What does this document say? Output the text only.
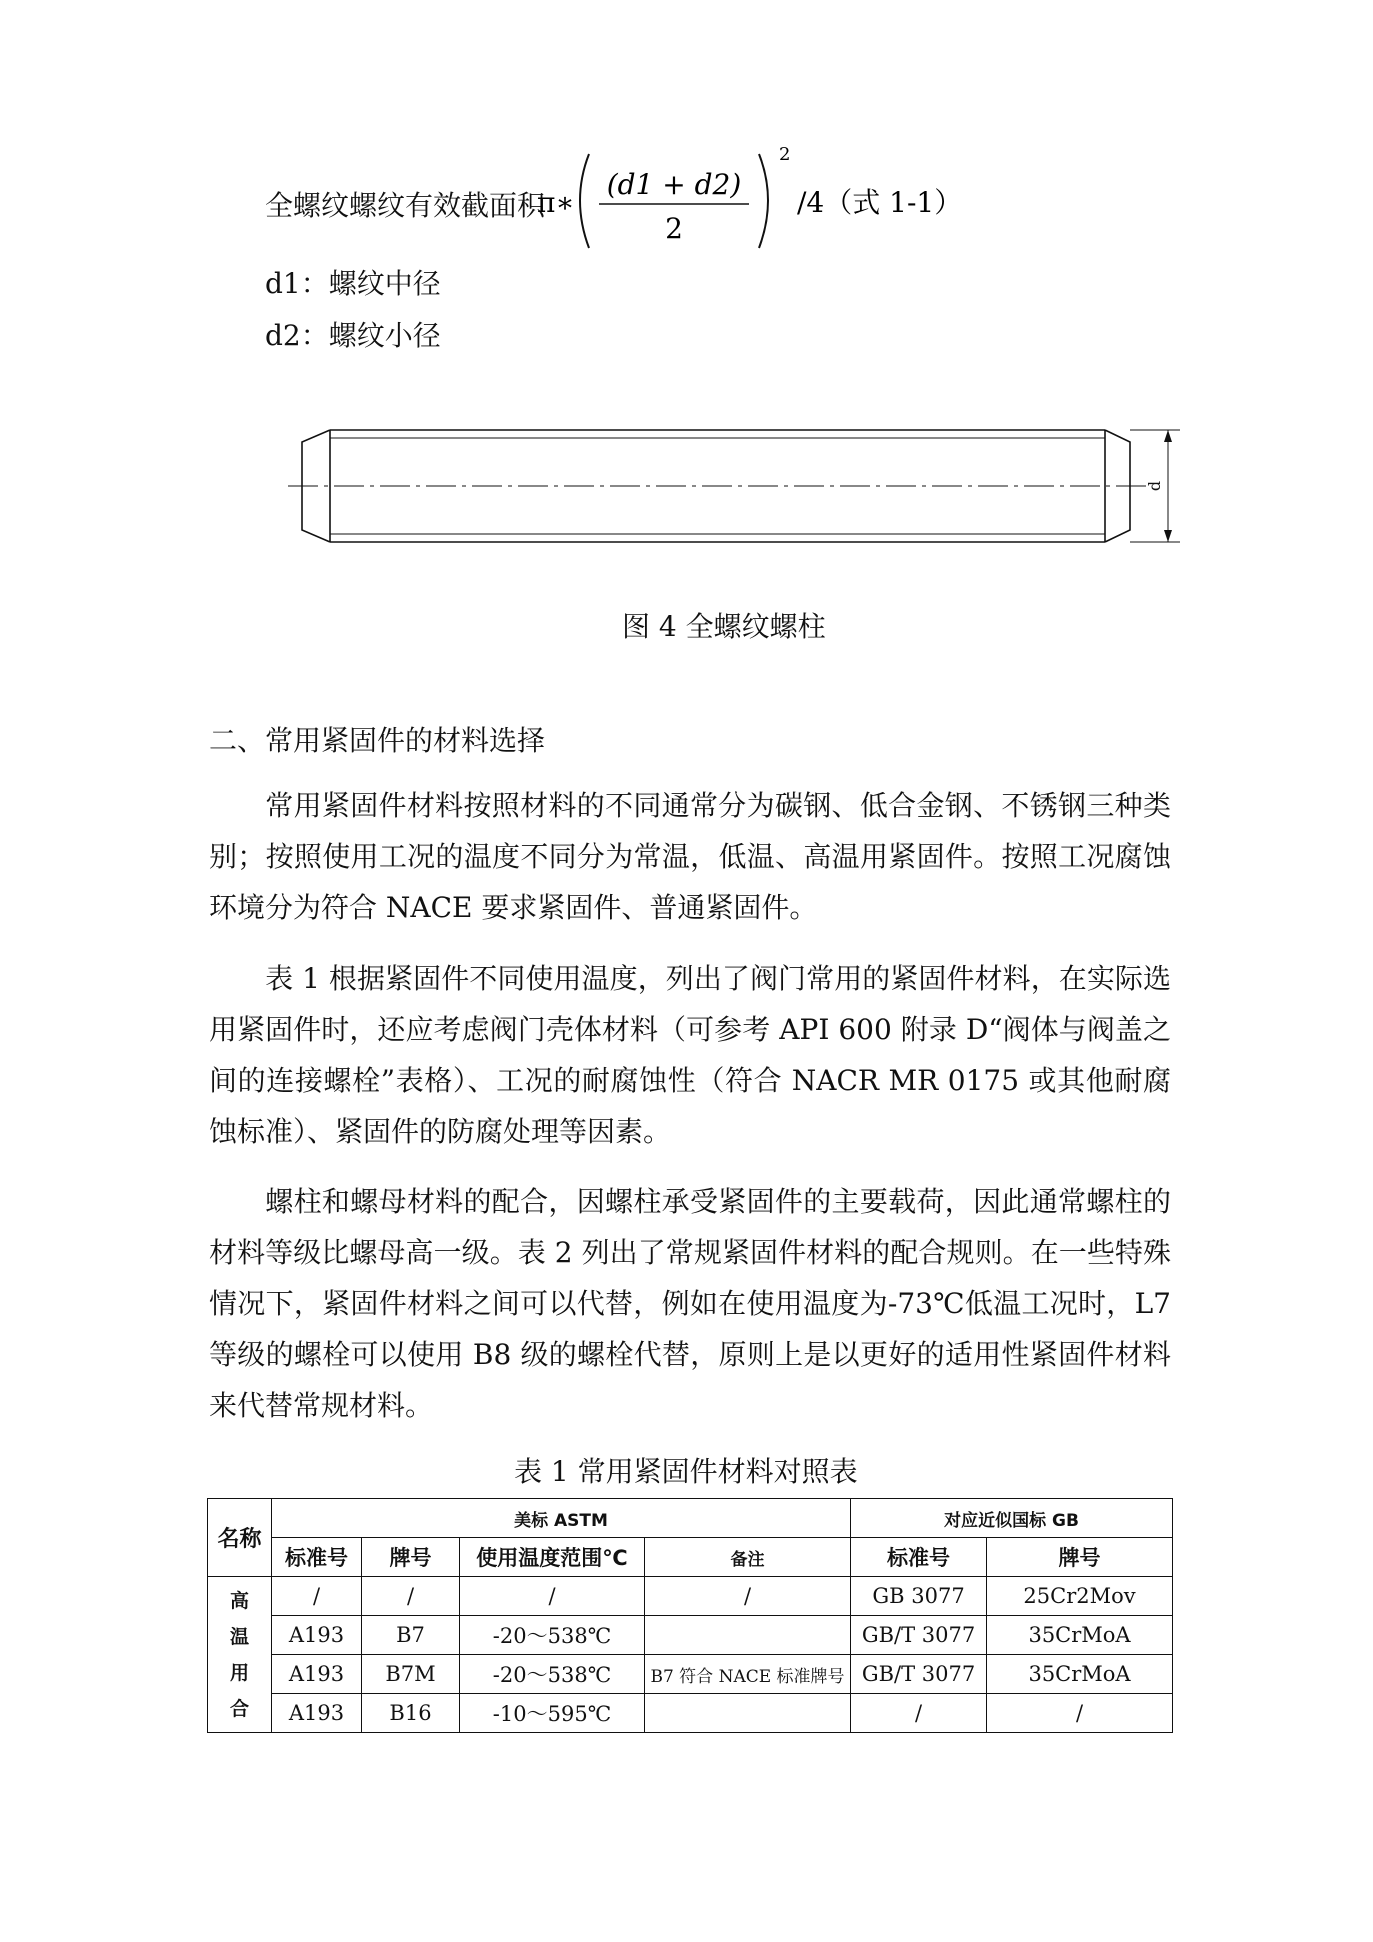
全螺纹螺纹有效截面积
π∗
(d1 + d2)
2
2
/4（式 1-1）
d1：螺纹中径
d2：螺纹小径
d
图 4 全螺纹螺柱
二、常用紧固件的材料选择
常用紧固件材料按照材料的不同通常分为碳钢、低合金钢、不锈钢三种类别；按照使用工况的温度不同分为常温，低温、高温用紧固件。按照工况腐蚀环境分为符合 NACE 要求紧固件、普通紧固件。
表 1 根据紧固件不同使用温度，列出了阀门常用的紧固件材料，在实际选用紧固件时，还应考虑阀门壳体材料（可参考 API 600 附录 D“阀体与阀盖之间的连接螺栓”表格）、工况的耐腐蚀性（符合 NACR MR 0175 或其他耐腐蚀标准）、紧固件的防腐处理等因素。
螺柱和螺母材料的配合，因螺柱承受紧固件的主要载荷，因此通常螺柱的材料等级比螺母高一级。表 2 列出了常规紧固件材料的配合规则。在一些特殊情况下，紧固件材料之间可以代替，例如在使用温度为-73℃低温工况时，L7 等级的螺栓可以使用 B8 级的螺栓代替，原则上是以更好的适用性紧固件材料来代替常规材料。
表 1 常用紧固件材料对照表
名称	美标 ASTM				对应近似国标 GB	
	标准号	牌号	使用温度范围℃	备注	标准号	牌号

高
温
用
合	/	/	/	/	GB 3077	25Cr2Mov
	A193	B7	-20～538℃		GB/T 3077	35CrMoA
	A193	B7M	-20～538℃	B7 符合 NACE 标准牌号	GB/T 3077	35CrMoA
	A193	B16	-10～595℃		/	/
